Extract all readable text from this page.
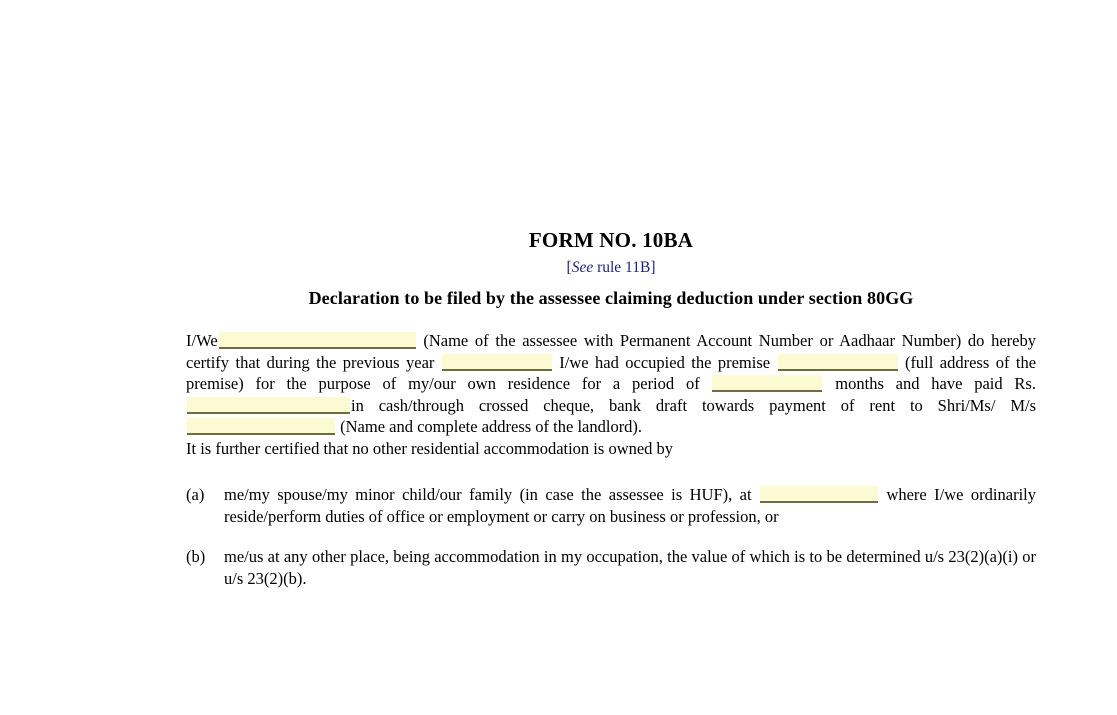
FORM NO. 10BA
[See rule 11B]
Declaration to be filed by the assessee claiming deduction under section 80GG

I/We	(Name of the assessee with Permanent Account Number or Aadhaar Number) do hereby certify that during the previous year	I/we had occupied the premise	(full address of the premise) for the purpose of my/our own residence for a period of	months and have paid Rs. in cash/through crossed cheque, bank draft towards payment of rent to Shri/Ms/ M/s  (Name and complete address of the landlord).

It is further certified that no other residential accommodation is owned by

(a)	me/my spouse/my minor child/our family (in case the assessee is HUF), at	where I/we ordinarily reside/perform duties of office or employment or carry on business or profession, or
(b)	me/us at any other place, being accommodation in my occupation, the value of which is to be determined u/s 23(2)(a)(i) or u/s 23(2)(b).
